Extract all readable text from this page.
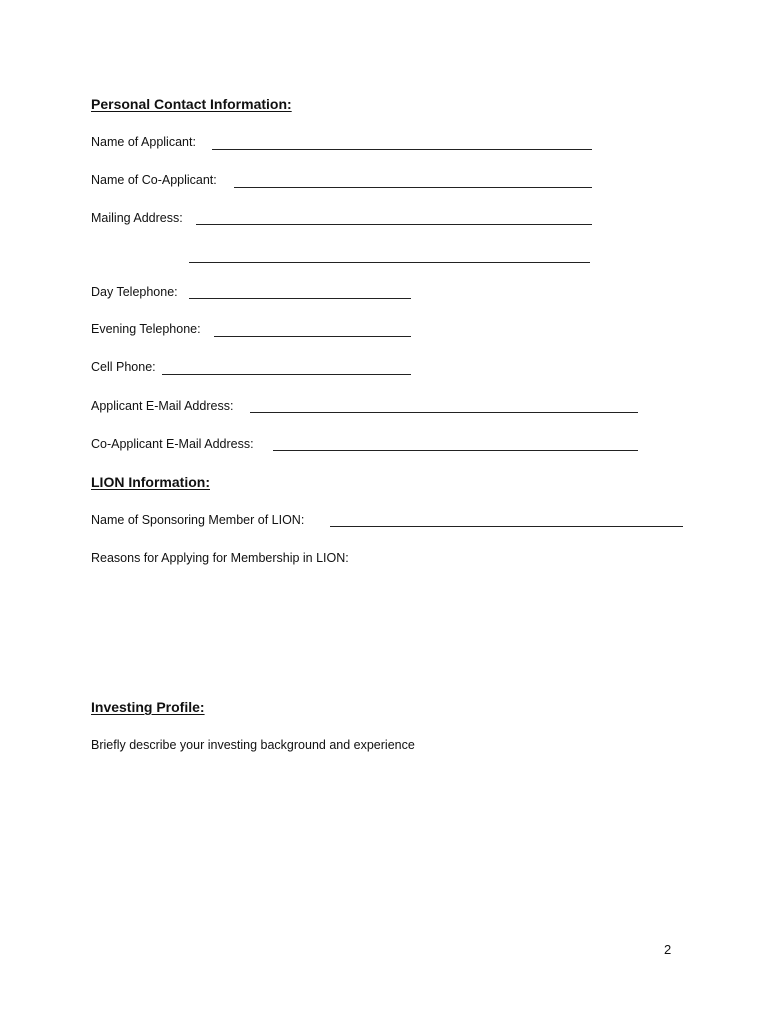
Personal Contact Information:
Name of Applicant:
Name of Co-Applicant:
Mailing Address:
Day Telephone:
Evening Telephone:
Cell Phone:
Applicant E-Mail Address:
Co-Applicant E-Mail Address:
LION Information:
Name of Sponsoring Member of LION:
Reasons for Applying for Membership in LION:
Investing Profile:
Briefly describe your investing background and experience
2
